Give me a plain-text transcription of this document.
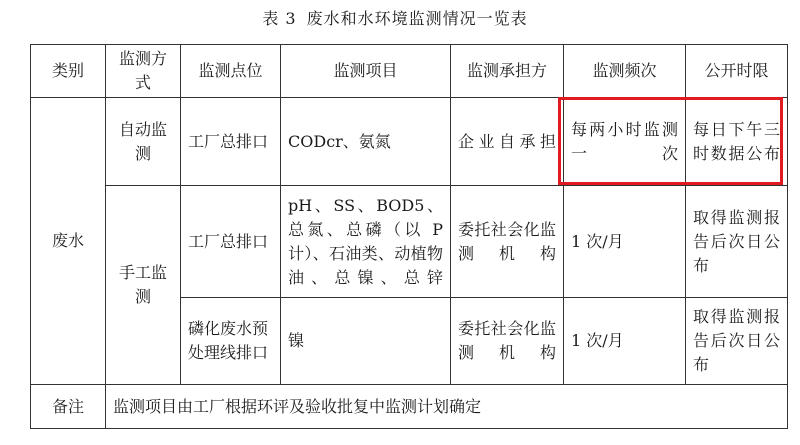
表 3 废水和水环境监测情况一览表
类别	监测方式	监测点位	监测项目	监测承担方	监测频次	公开时限
废水	自动监测	工厂总排口	CODcr、氨氮	企业自承担	每两小时监测一次	每日下午三时数据公布
	手工监测	工厂总排口	pH、SS、BOD5、总氮、总磷（以 P 计）、石油类、动植物油、总镍、总锌	委托社会化监测机构	1 次/月	取得监测报告后次日公布
		磷化废水预处理线排口	镍	委托社会化监测机构	1 次/月	取得监测报告后次日公布
备注	监测项目由工厂根据环评及验收批复中监测计划确定					
